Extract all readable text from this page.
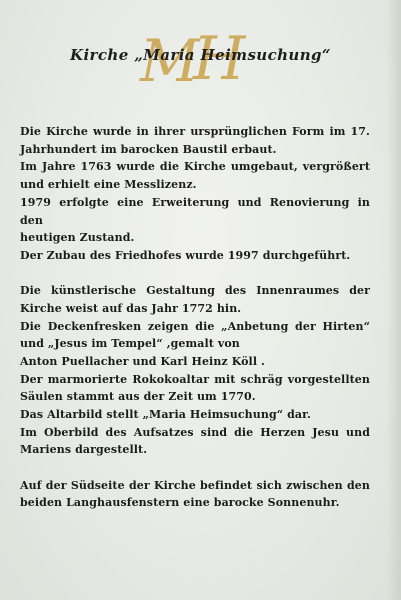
M
H
Kirche „Maria Heimsuchung“
Die Kirche wurde in ihrer ursprünglichen Form im 17.
Jahrhundert im barocken Baustil erbaut.
Im Jahre 1763 wurde die Kirche umgebaut, vergrößert
und erhielt eine Messlizenz.
1979 erfolgte eine Erweiterung und Renovierung in den
heutigen Zustand.
Der Zubau des Friedhofes wurde 1997 durchgeführt.
Die künstlerische Gestaltung des Innenraumes der
Kirche weist auf das Jahr 1772 hin.
Die Deckenfresken zeigen die „Anbetung der Hirten“
und „Jesus im Tempel“ ,gemalt von
Anton Puellacher und Karl Heinz Köll .
Der marmorierte Rokokoaltar mit schräg vorgestellten
Säulen stammt aus der Zeit um 1770.
Das Altarbild stellt „Maria Heimsuchung“ dar.
Im Oberbild des Aufsatzes sind die Herzen Jesu und
Mariens dargestellt.
Auf der Südseite der Kirche befindet sich zwischen den
beiden Langhausfenstern eine barocke Sonnenuhr.
